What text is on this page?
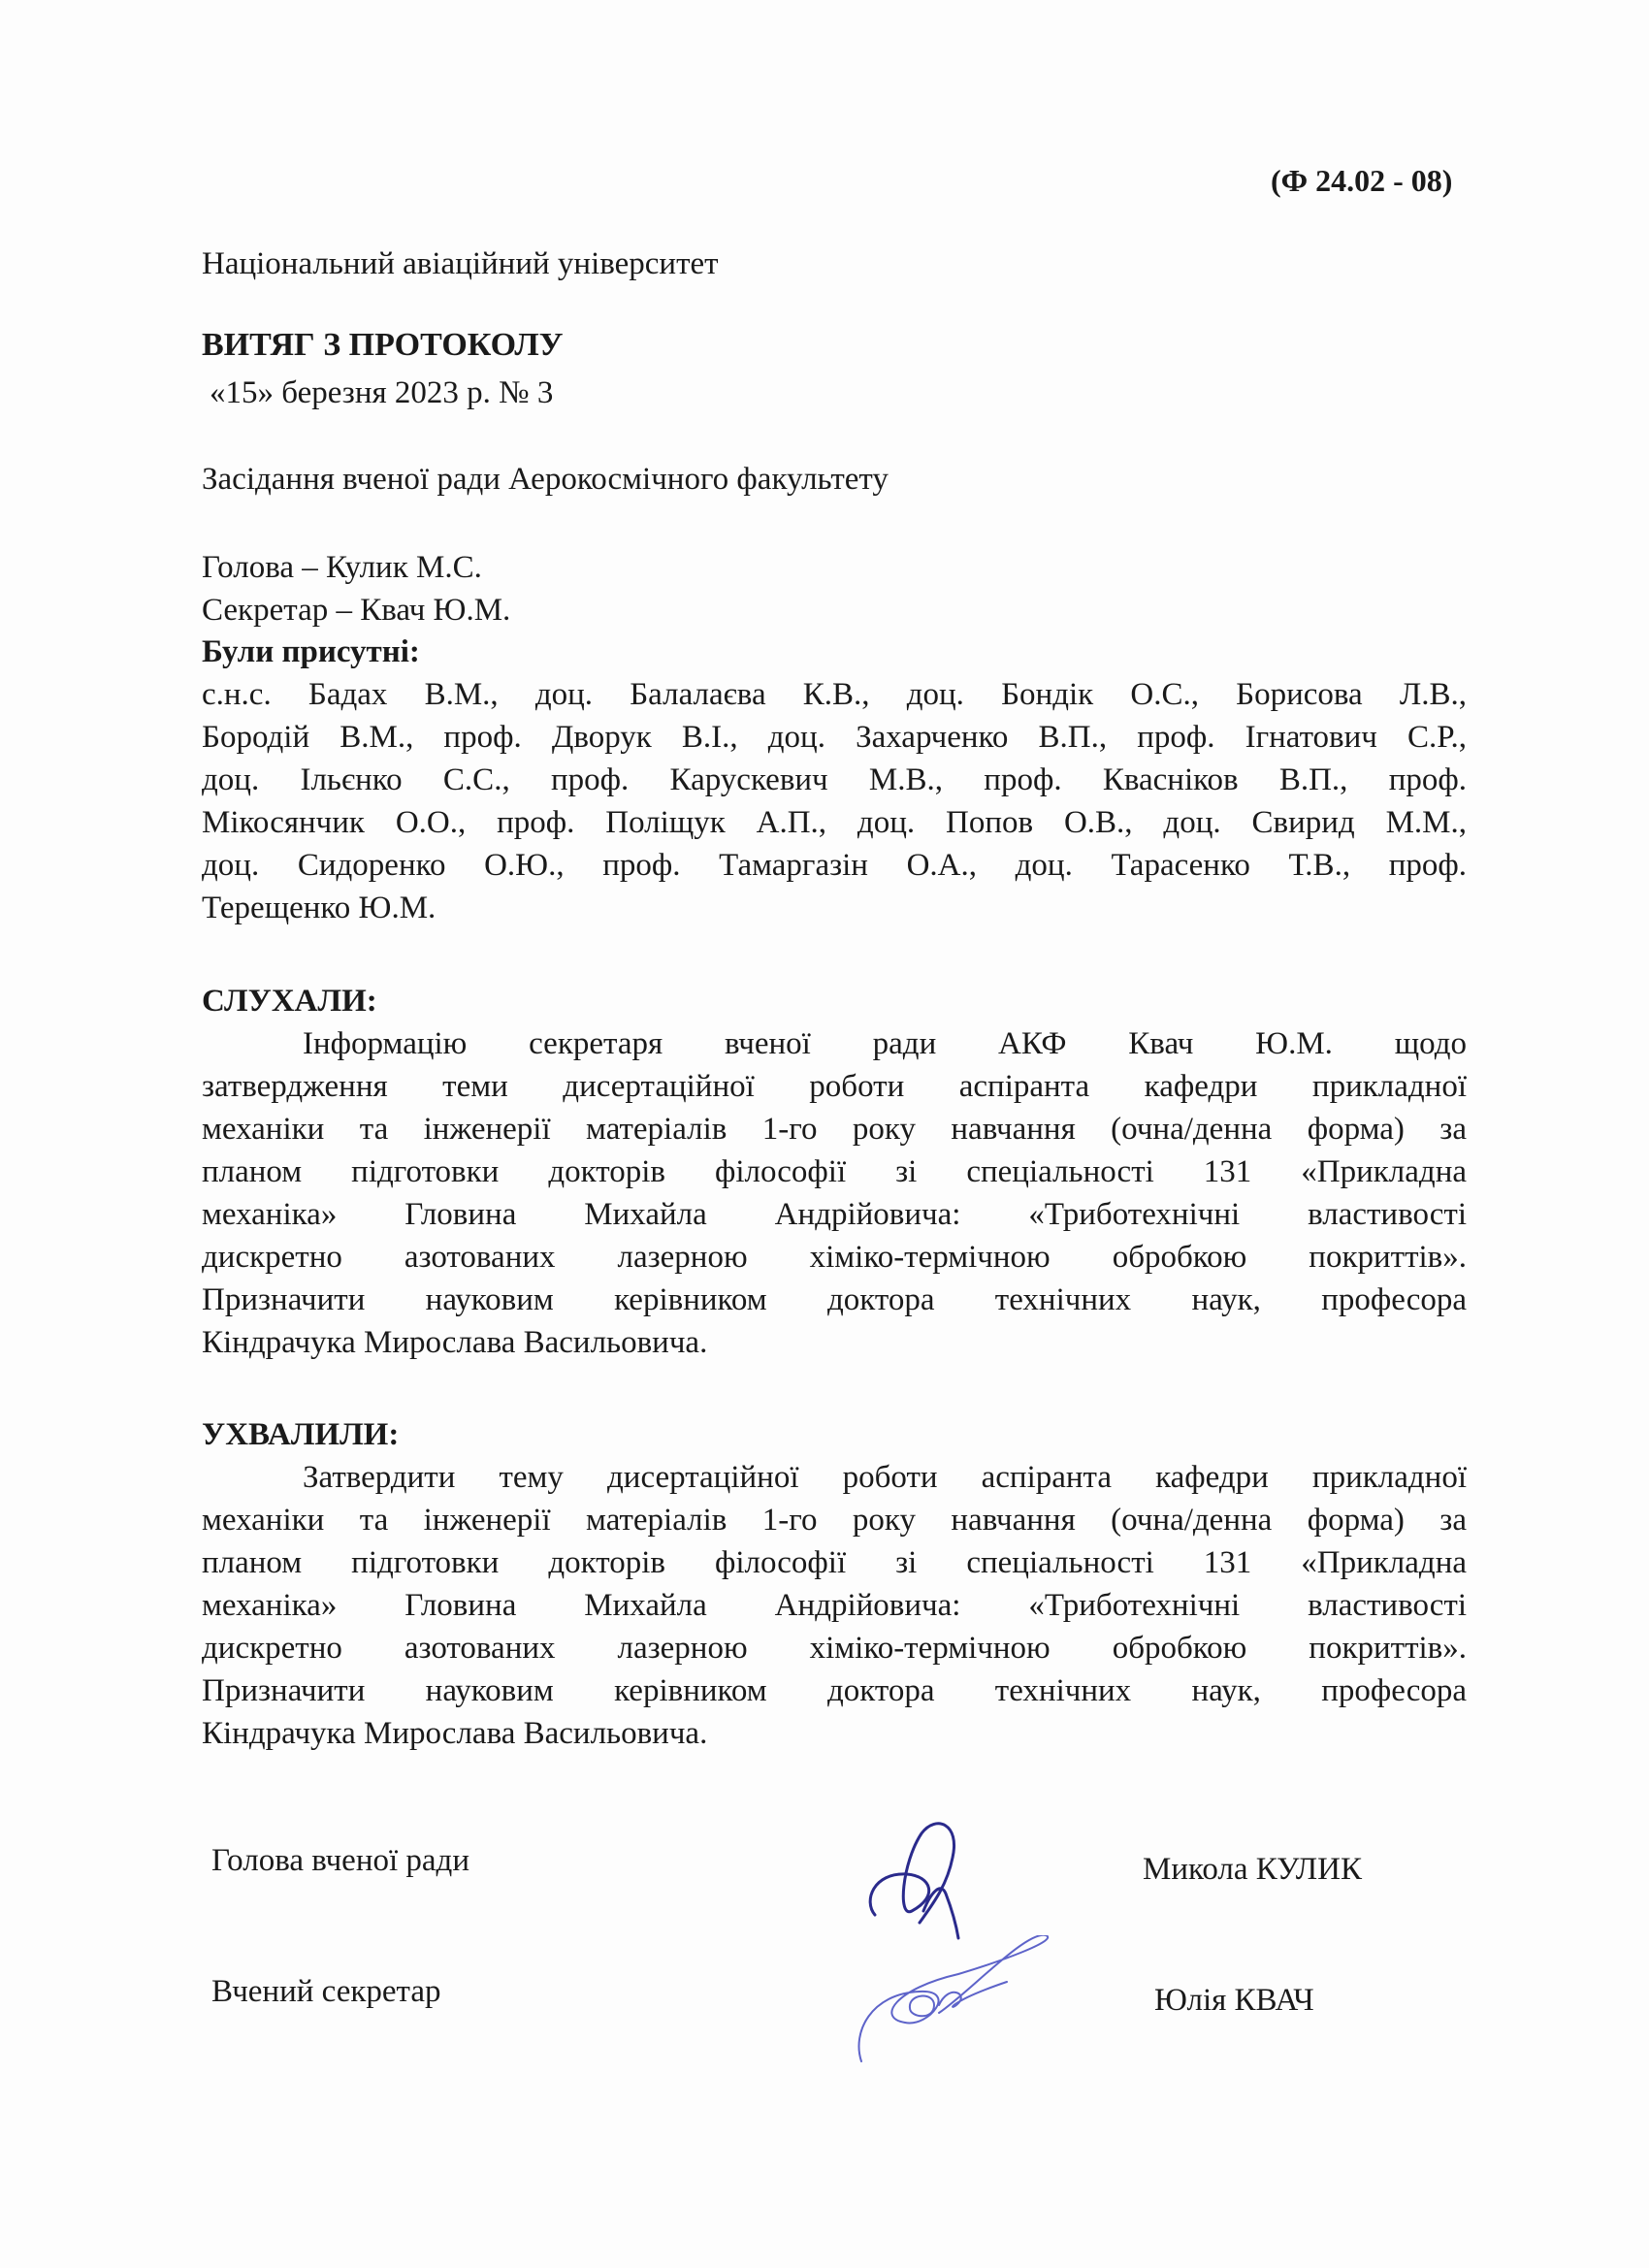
(Ф 24.02 - 08)
Національний авіаційний університет
ВИТЯГ З ПРОТОКОЛУ
«15» березня 2023 р. № 3
Засідання вченої ради Аерокосмічного факультету
Голова – Кулик М.С.
Секретар – Квач Ю.М.
Були присутні:
с.н.с. Бадах В.М., доц. Балалаєва К.В., доц. Бондік О.С., Борисова Л.В.,
Бородій В.М., проф. Дворук В.І., доц. Захарченко В.П., проф. Ігнатович С.Р.,
доц. Ільєнко С.С., проф. Карускевич М.В., проф. Квасніков В.П., проф.
Мікосянчик О.О., проф. Поліщук А.П., доц. Попов О.В., доц. Свирид М.М.,
доц. Сидоренко О.Ю., проф. Тамаргазін О.А., доц. Тарасенко Т.В., проф.
Терещенко Ю.М.
СЛУХАЛИ:
Інформацію секретаря вченої ради АКФ Квач Ю.М. щодо
затвердження теми дисертаційної роботи аспіранта кафедри прикладної
механіки та інженерії матеріалів 1-го року навчання (очна/денна форма) за
планом підготовки докторів філософії зі спеціальності 131 «Прикладна
механіка» Гловина Михайла Андрійовича: «Триботехнічні властивості
дискретно азотованих лазерною хіміко-термічною обробкою покриттів».
Призначити науковим керівником доктора технічних наук, професора
Кіндрачука Мирослава Васильовича.
УХВАЛИЛИ:
Затвердити тему дисертаційної роботи аспіранта кафедри прикладної
механіки та інженерії матеріалів 1-го року навчання (очна/денна форма) за
планом підготовки докторів філософії зі спеціальності 131 «Прикладна
механіка» Гловина Михайла Андрійовича: «Триботехнічні властивості
дискретно азотованих лазерною хіміко-термічною обробкою покриттів».
Призначити науковим керівником доктора технічних наук, професора
Кіндрачука Мирослава Васильовича.
Голова вченої ради	Микола КУЛИК
Вчений секретар	Юлія КВАЧ
